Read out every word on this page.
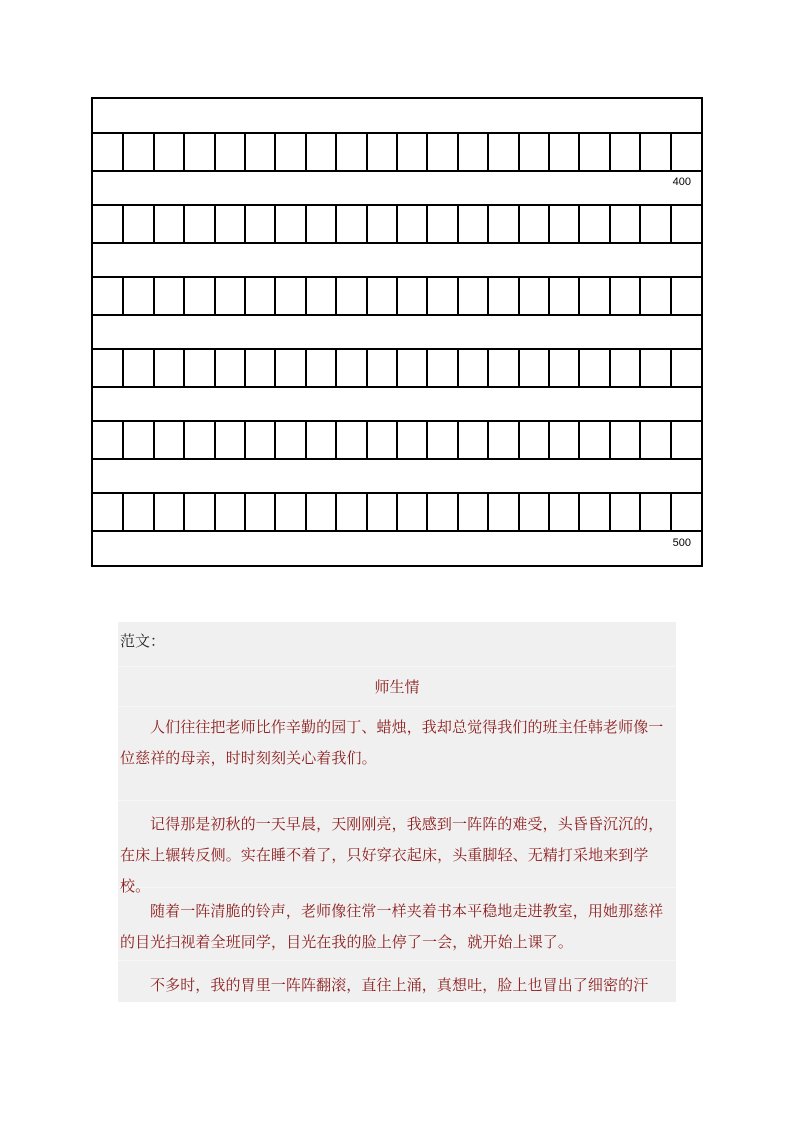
400
500
范文：
师生情
人们往往把老师比作辛勤的园丁、蜡烛，我却总觉得我们的班主任韩老师像一位慈祥的母亲，时时刻刻关心着我们。
记得那是初秋的一天早晨，天刚刚亮，我感到一阵阵的难受，头昏昏沉沉的，在床上辗转反侧。实在睡不着了，只好穿衣起床，头重脚轻、无精打采地来到学校。
随着一阵清脆的铃声，老师像往常一样夹着书本平稳地走进教室，用她那慈祥的目光扫视着全班同学，目光在我的脸上停了一会，就开始上课了。
不多时，我的胃里一阵阵翻滚，直往上涌，真想吐，脸上也冒出了细密的汗
